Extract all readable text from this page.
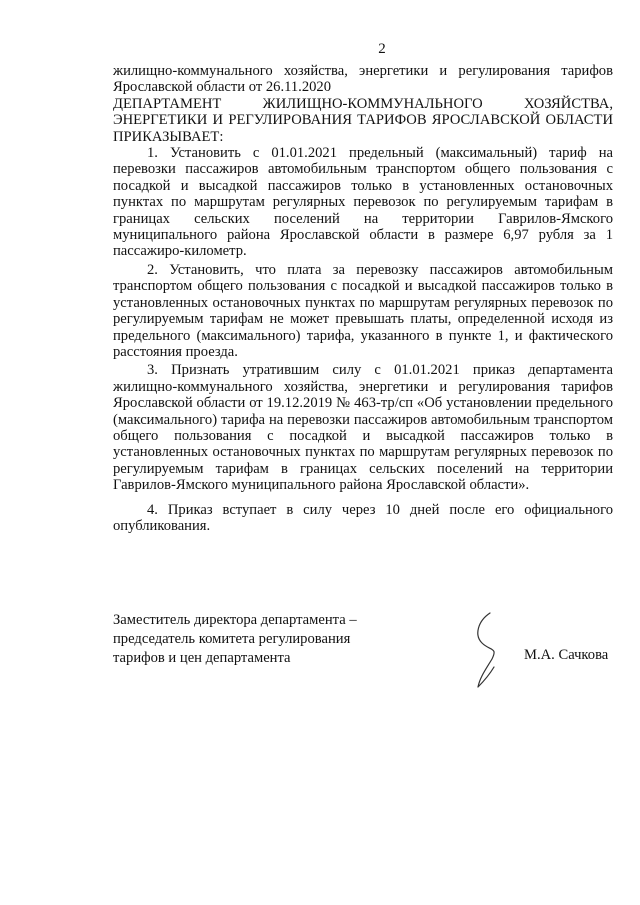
2

жилищно-коммунального хозяйства, энергетики и регулирования тарифов Ярославской области от 26.11.2020

ДЕПАРТАМЕНТ ЖИЛИЩНО-КОММУНАЛЬНОГО ХОЗЯЙСТВА, ЭНЕРГЕТИКИ И РЕГУЛИРОВАНИЯ ТАРИФОВ ЯРОСЛАВСКОЙ ОБЛАСТИ ПРИКАЗЫВАЕТ:

1. Установить с 01.01.2021 предельный (максимальный) тариф на перевозки пассажиров автомобильным транспортом общего пользования с посадкой и высадкой пассажиров только в установленных остановочных пунктах по маршрутам регулярных перевозок по регулируемым тарифам в границах сельских поселений на территории Гаврилов-Ямского муниципального района Ярославской области в размере 6,97 рубля за 1 пассажиро-километр.

2. Установить, что плата за перевозку пассажиров автомобильным транспортом общего пользования с посадкой и высадкой пассажиров только в установленных остановочных пунктах по маршрутам регулярных перевозок по регулируемым тарифам не может превышать платы, определенной исходя из предельного (максимального) тарифа, указанного в пункте 1, и фактического расстояния проезда.

3. Признать утратившим силу с 01.01.2021 приказ департамента жилищно-коммунального хозяйства, энергетики и регулирования тарифов Ярославской области от 19.12.2019 № 463-тр/сп «Об установлении предельного (максимального) тарифа на перевозки пассажиров автомобильным транспортом общего пользования с посадкой и высадкой пассажиров только в установленных остановочных пунктах по маршрутам регулярных перевозок по регулируемым тарифам в границах сельских поселений на территории Гаврилов-Ямского муниципального района Ярославской области».

4. Приказ вступает в силу через 10 дней после его официального опубликования.

Заместитель директора департамента –
председатель комитета регулирования
тарифов и цен департамента	М.А. Сачкова
